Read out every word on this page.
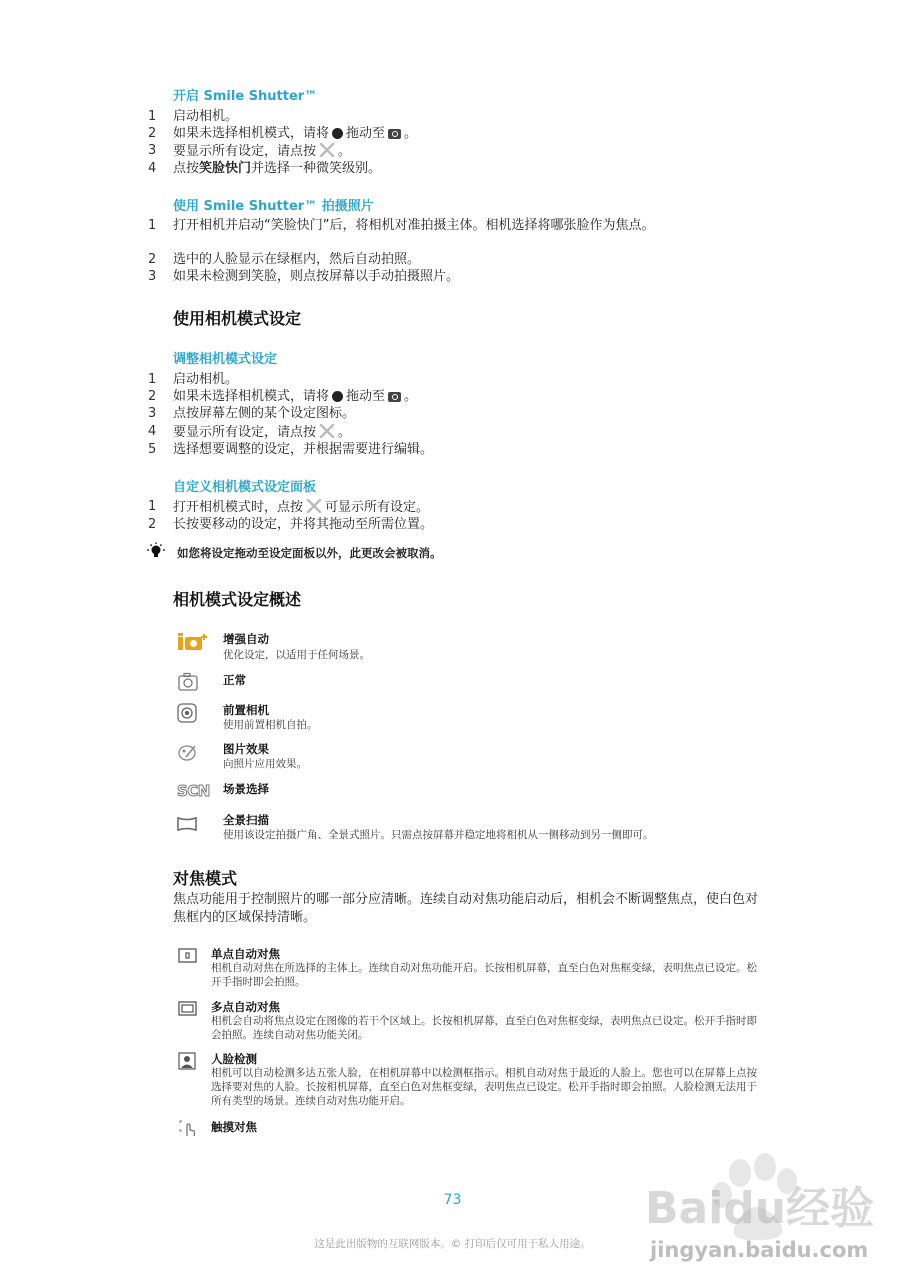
开启 Smile Shutter™
1	启动相机。
2	如果未选择相机模式，请将 拖动至 。
3	要显示所有设定，请点按 。
4	点按笑脸快门并选择一种微笑级别。
使用 Smile Shutter™ 拍摄照片
1	打开相机并启动“笑脸快门”后，将相机对准拍摄主体。相机选择将哪张脸作为焦点。
2	选中的人脸显示在绿框内，然后自动拍照。
3	如果未检测到笑脸，则点按屏幕以手动拍摄照片。
使用相机模式设定
调整相机模式设定
1	启动相机。
2	如果未选择相机模式，请将 拖动至 。
3	点按屏幕左侧的某个设定图标。
4	要显示所有设定，请点按 。
5	选择想要调整的设定，并根据需要进行编辑。
自定义相机模式设定面板
1	打开相机模式时，点按 可显示所有设定。
2	长按要移动的设定，并将其拖动至所需位置。
如您将设定拖动至设定面板以外，此更改会被取消。
相机模式设定概述
增强自动
优化设定，以适用于任何场景。
正常
前置相机
使用前置相机自拍。
图片效果
向照片应用效果。
SCN 场景选择
全景扫描
使用该设定拍摄广角、全景式照片。只需点按屏幕并稳定地将相机从一侧移动到另一侧即可。
对焦模式
焦点功能用于控制照片的哪一部分应清晰。连续自动对焦功能启动后，相机会不断调整焦点，使白色对焦框内的区域保持清晰。
单点自动对焦
相机自动对焦在所选择的主体上。连续自动对焦功能开启。长按相机屏幕，直至白色对焦框变绿，表明焦点已设定。松开手指时即会拍照。
多点自动对焦
相机会自动将焦点设定在图像的若干个区域上。长按相机屏幕，直至白色对焦框变绿，表明焦点已设定。松开手指时即会拍照。连续自动对焦功能关闭。
人脸检测
相机可以自动检测多达五张人脸，在相机屏幕中以检测框指示。相机自动对焦于最近的人脸上。您也可以在屏幕上点按选择要对焦的人脸。长按相机屏幕，直至白色对焦框变绿，表明焦点已设定。松开手指时即会拍照。人脸检测无法用于所有类型的场景。连续自动对焦功能开启。
触摸对焦
73
这是此出版物的互联网版本。© 打印后仅可用于私人用途。
Baidu经验
jingyan.baidu.com
